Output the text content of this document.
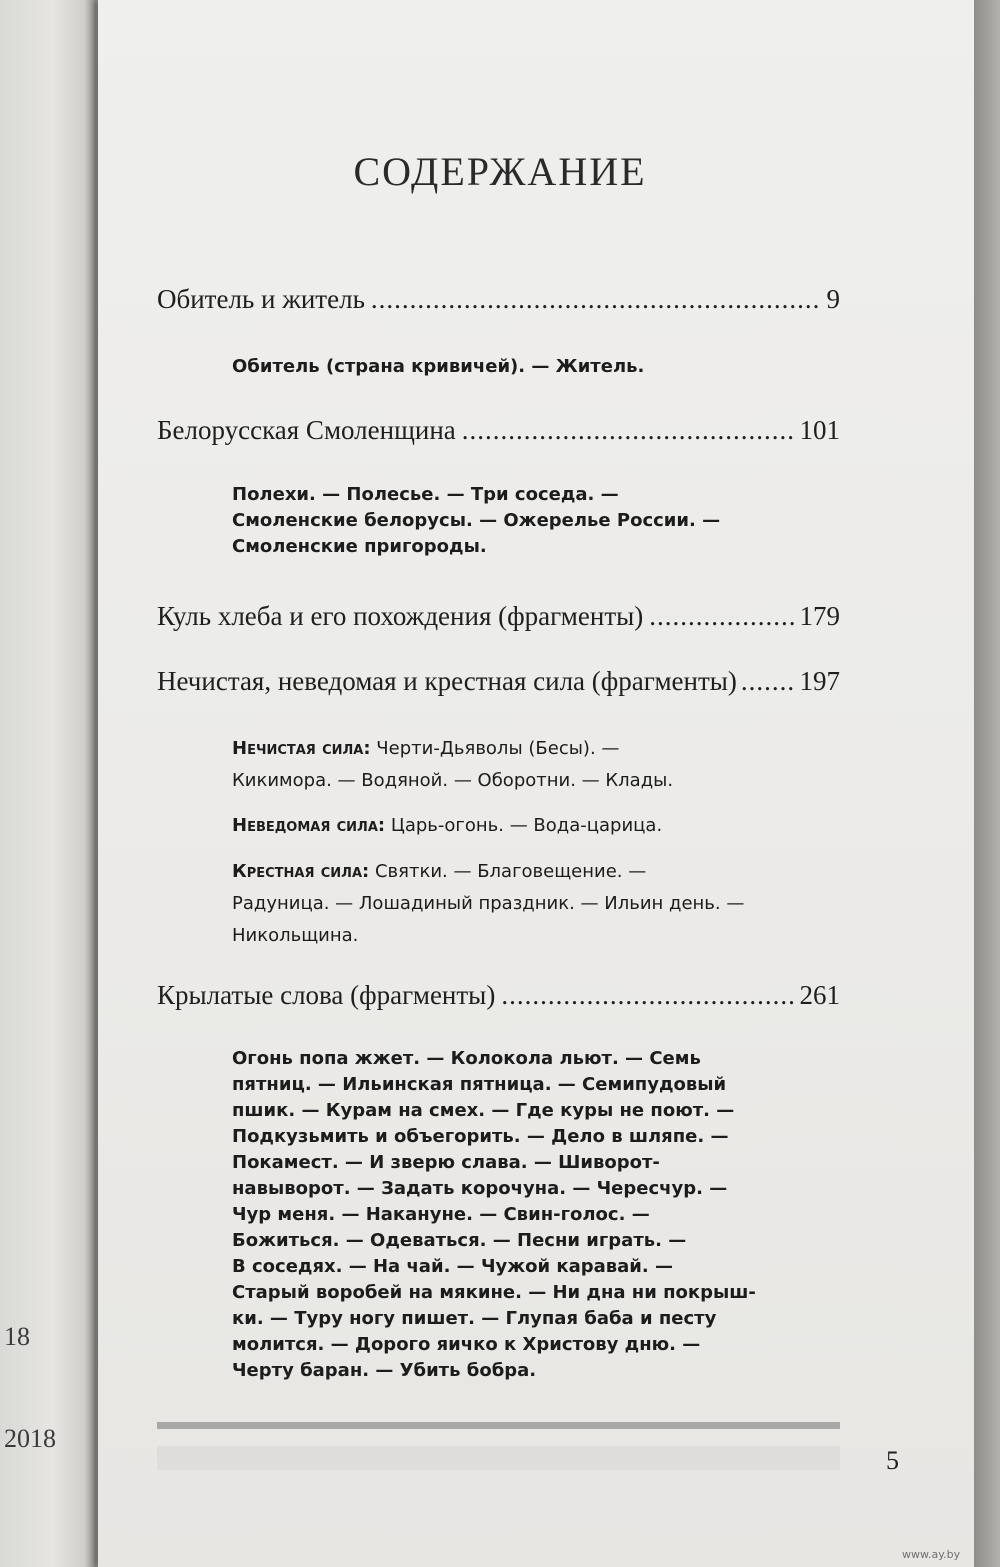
18
2018
СОДЕРЖАНИЕ
Обитель и житель .....	9
Обитель (страна кривичей). — Житель.
Белорусская Смоленщина .....	101
Полехи. — Полесье. — Три соседа. —
Смоленские белорусы. — Ожерелье России. —
Смоленские пригороды.
Куль хлеба и его похождения (фрагменты) .....	179
Нечистая, неведомая и крестная сила (фрагменты) ..... 197
Нечистая сила: Черти-Дьяволы (Бесы). —
Кикимора. — Водяной. — Оборотни. — Клады.
Неведомая сила: Царь-огонь. — Вода-царица.
Крестная сила: Святки. — Благовещение. —
Радуница. — Лошадиный праздник. — Ильин день. —
Никольщина.
Крылатые слова (фрагменты) .....	261
Огонь попа жжет. — Колокола льют. — Семь
пятниц. — Ильинская пятница. — Семипудовый
пшик. — Курам на смех. — Где куры не поют. —
Подкузьмить и объегорить. — Дело в шляпе. —
Покамест. — И зверю слава. — Шиворот-
навыворот. — Задать корочуна. — Чересчур. —
Чур меня. — Накануне. — Свин-голос. —
Божиться. — Одеваться. — Песни играть. —
В соседях. — На чай. — Чужой каравай. —
Старый воробей на мякине. — Ни дна ни покрыш-
ки. — Туру ногу пишет. — Глупая баба и песту
молится. — Дорого яичко к Христову дню. —
Черту баран. — Убить бобра.
5
www.ay.by
